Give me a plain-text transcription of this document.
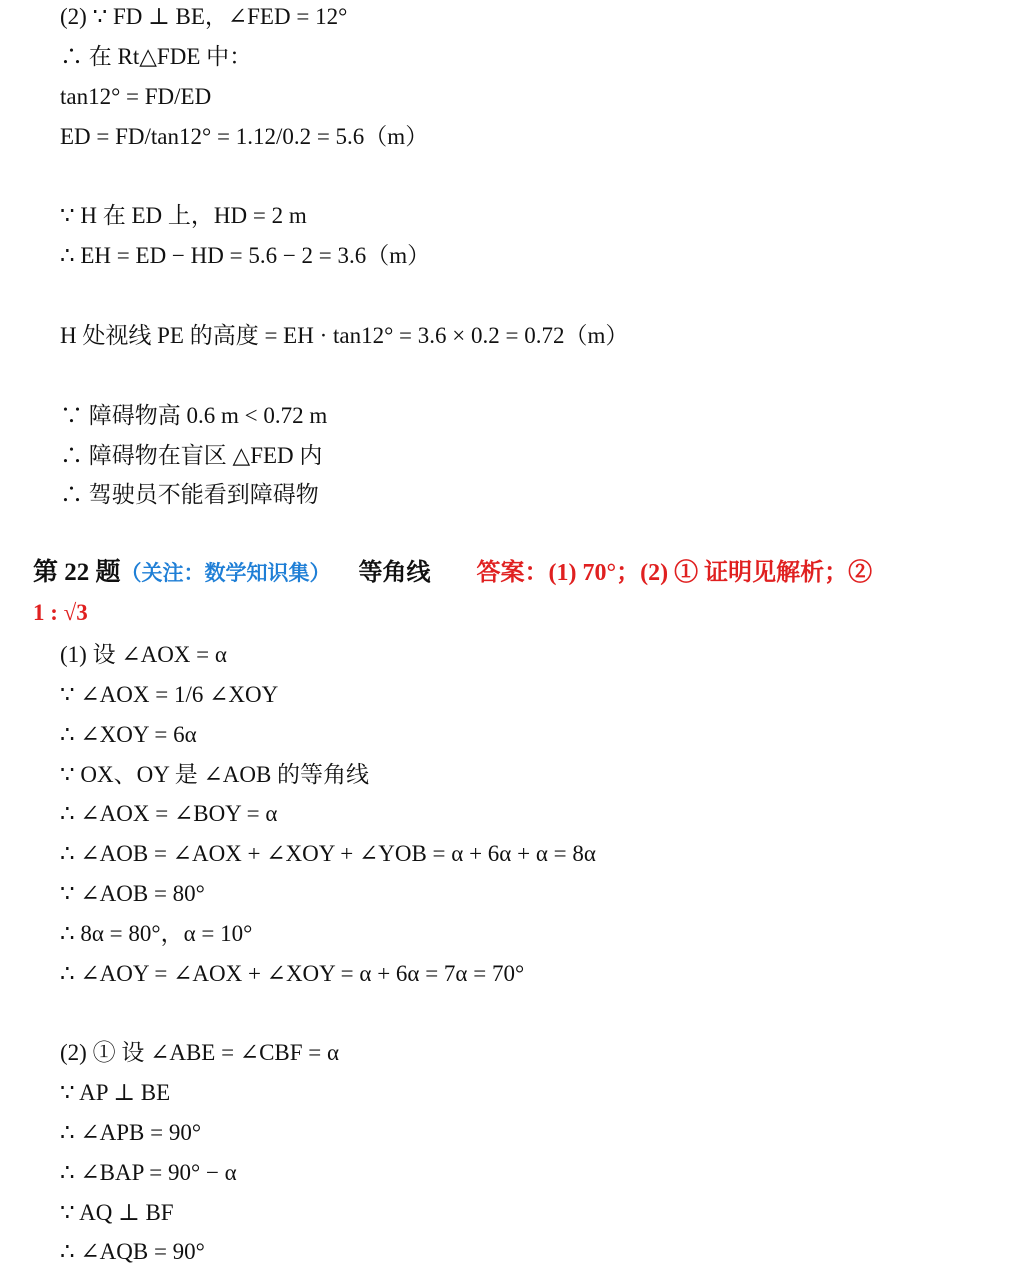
(2) ∵ FD ⊥ BE，∠FED = 12°
∴ 在 Rt△FDE 中：
tan12° = FD/ED
ED = FD/tan12° = 1.12/0.2 = 5.6（m）
∵ H 在 ED 上，HD = 2 m
∴ EH = ED − HD = 5.6 − 2 = 3.6（m）
H 处视线 PE 的高度 = EH · tan12° = 3.6 × 0.2 = 0.72（m）
∵ 障碍物高 0.6 m < 0.72 m
∴ 障碍物在盲区 △FED 内
∴ 驾驶员不能看到障碍物
第 22 题（关注：数学知识集） 等角线 答案：(1) 70°；(2) ① 证明见解析；②
1 : √3
(1) 设 ∠AOX = α
∵ ∠AOX = 1/6 ∠XOY
∴ ∠XOY = 6α
∵ OX、OY 是 ∠AOB 的等角线
∴ ∠AOX = ∠BOY = α
∴ ∠AOB = ∠AOX + ∠XOY + ∠YOB = α + 6α + α = 8α
∵ ∠AOB = 80°
∴ 8α = 80°，α = 10°
∴ ∠AOY = ∠AOX + ∠XOY = α + 6α = 7α = 70°
(2) ① 设 ∠ABE = ∠CBF = α
∵ AP ⊥ BE
∴ ∠APB = 90°
∴ ∠BAP = 90° − α
∵ AQ ⊥ BF
∴ ∠AQB = 90°
